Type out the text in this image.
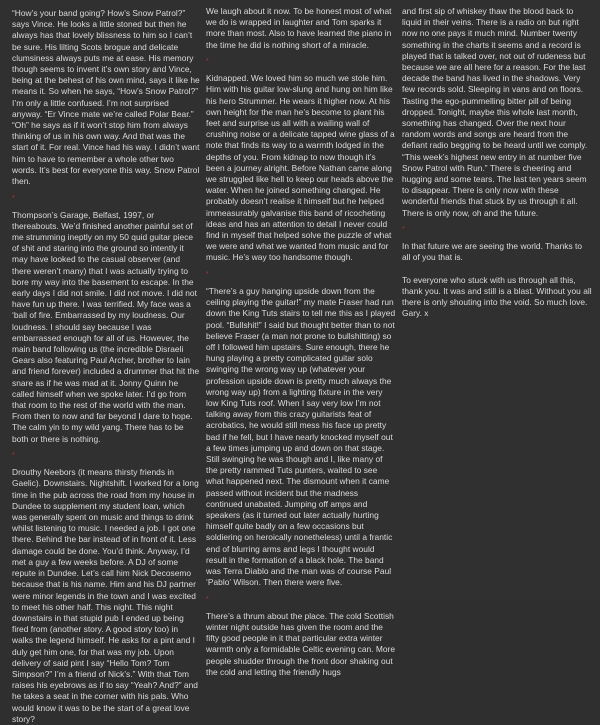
“How’s your band going? How’s Snow Patrol?” says Vince. He looks a little stoned but then he always has that lovely blissness to him so I can’t be sure. His lilting Scots brogue and delicate clumsiness always puts me at ease. His memory though seems to invent it’s own story and Vince, being at the behest of his own mind, says it like he means it. So when he says, “How’s Snow Patrol?” I’m only a little confused. I’m not surprised anyway. “Er Vince mate we’re called Polar Bear.” “Oh” he says as if it won’t stop him from always thinking of us in his own way. And that was the start of it. For real. Vince had his way. I didn’t want him to have to remember a whole other two words. It’s best for everyone this way. Snow Patrol then.

*

Thompson’s Garage, Belfast, 1997, or thereabouts. We’d finished another painful set of me strumming ineptly on my 50 quid guitar piece of shit and staring into the ground so intently it may have looked to the casual observer (and there weren’t many) that I was actually trying to bore my way into the basement to escape. In the early days I did not smile. I did not move. I did not have fun up there. I was terrified. My face was a ‘ball of fire. Embarrassed by my loudness. Our loudness. I should say because I was embarrassed enough for all of us. However, the main band following us (the incredible Disraeli Gears also featuring Paul Archer, brother to Iain and friend forever) included a drummer that hit the snare as if he was mad at it. Jonny Quinn he called himself when we spoke later. I’d go from that room to the rest of the world with the man. From then to now and far beyond I dare to hope. The calm yin to my wild yang. There has to be both or there is nothing.

*

Drouthy Neebors (it means thirsty friends in Gaelic). Downstairs. Nightshift. I worked for a long time in the pub across the road from my house in Dundee to supplement my student loan, which was generally spent on music and things to drink whilst listening to music. I needed a job. I got one there. Behind the bar instead of in front of it. Less damage could be done. You’d think. Anyway, I’d met a guy a few weeks before. A DJ of some repute in Dundee. Let’s call him Nick Decosemo because that is his name. Him and his DJ partner were minor legends in the town and I was excited to meet his other half. This night. This night downstairs in that stupid pub I ended up being fired from (another story. A good story too) in walks the legend himself. He asks for a pint and I duly get him one, for that was my job. Upon delivery of said pint I say “Hello Tom? Tom Simpson?” I’m a friend of Nick’s.” With that Tom raises his eyebrows as if to say “Yeah? And?” and he takes a seat in the corner with his pals. Who would know it was to be the start of a great love story?

We laugh about it now. To be honest most of what we do is wrapped in laughter and Tom sparks it more than most. Also to have learned the piano in the time he did is nothing short of a miracle.

*

Kidnapped. We loved him so much we stole him. Him with his guitar low-slung and hung on him like his hero Strummer. He wears it higher now. At his own height for the man he’s become to plant his feet and surprise us all with a wailing wall of crushing noise or a delicate tapped wine glass of a note that finds its way to a warmth lodged in the depths of you. From kidnap to now though it’s been a journey alright. Before Nathan came along we struggled like hell to keep our heads above the water. When he joined something changed. He probably doesn’t realise it himself but he helped immeasurably galvanise this band of ricocheting ideas and has an attention to detail I never could find in myself that helped solve the puzzle of what we were and what we wanted from music and for music. He’s way too handsome though.

*

“There’s a guy hanging upside down from the ceiling playing the guitar!” my mate Fraser had run down the King Tuts stairs to tell me this as I played pool. “Bullshit!” I said but thought better than to not believe Fraser (a man not prone to bullshitting) so off I followed him upstairs. Sure enough, there he hung playing a pretty complicated guitar solo swinging the wrong way up (whatever your profession upside down is pretty much always the wrong way up) from a lighting fixture in the very low King Tuts roof. When I say very low I’m not talking away from this crazy guitarists feat of acrobatics, he would still mess his face up pretty bad if he fell, but I have nearly knocked myself out a few times jumping up and down on that stage. Still swinging he was though and I, like many of the pretty rammed Tuts punters, waited to see what happened next. The dismount when it came passed without incident but the madness continued unabated. Jumping off amps and speakers (as it turned out later actually hurting himself quite badly on a few occasions but soldiering on heroically nonetheless) until a frantic end of blurring arms and legs I thought would result in the formation of a black hole. The band was Terra Diablo and the man was of course Paul ‘Pablo’ Wilson. Then there were five.

*

There’s a thrum about the place. The cold Scottish winter night outside has given the room and the fifty good people in it that particular extra winter warmth only a formidable Celtic evening can. More people shudder through the front door shaking out the cold and letting the friendly hugs

and first sip of whiskey thaw the blood back to liquid in their veins. There is a radio on but right now no one pays it much mind. Number twenty something in the charts it seems and a record is played that is talked over, not out of rudeness but because we are all here for a reason. For the last decade the band has lived in the shadows. Very few records sold. Sleeping in vans and on floors. Tasting the ego-pummelling bitter pill of being dropped. Tonight, maybe this whole last month, something has changed. Over the next hour random words and songs are heard from the defiant radio begging to be heard until we comply. “This week’s highest new entry in at number five Snow Patrol with Run.” There is cheering and hugging and some tears. The last ten years seem to disappear. There is only now with these wonderful friends that stuck by us through it all. There is only now, oh and the future.

*

In that future we are seeing the world. Thanks to all of you that is.

To everyone who stuck with us through all this, thank you. It was and still is a blast. Without you all there is only shouting into the void. So much love. Gary. x
